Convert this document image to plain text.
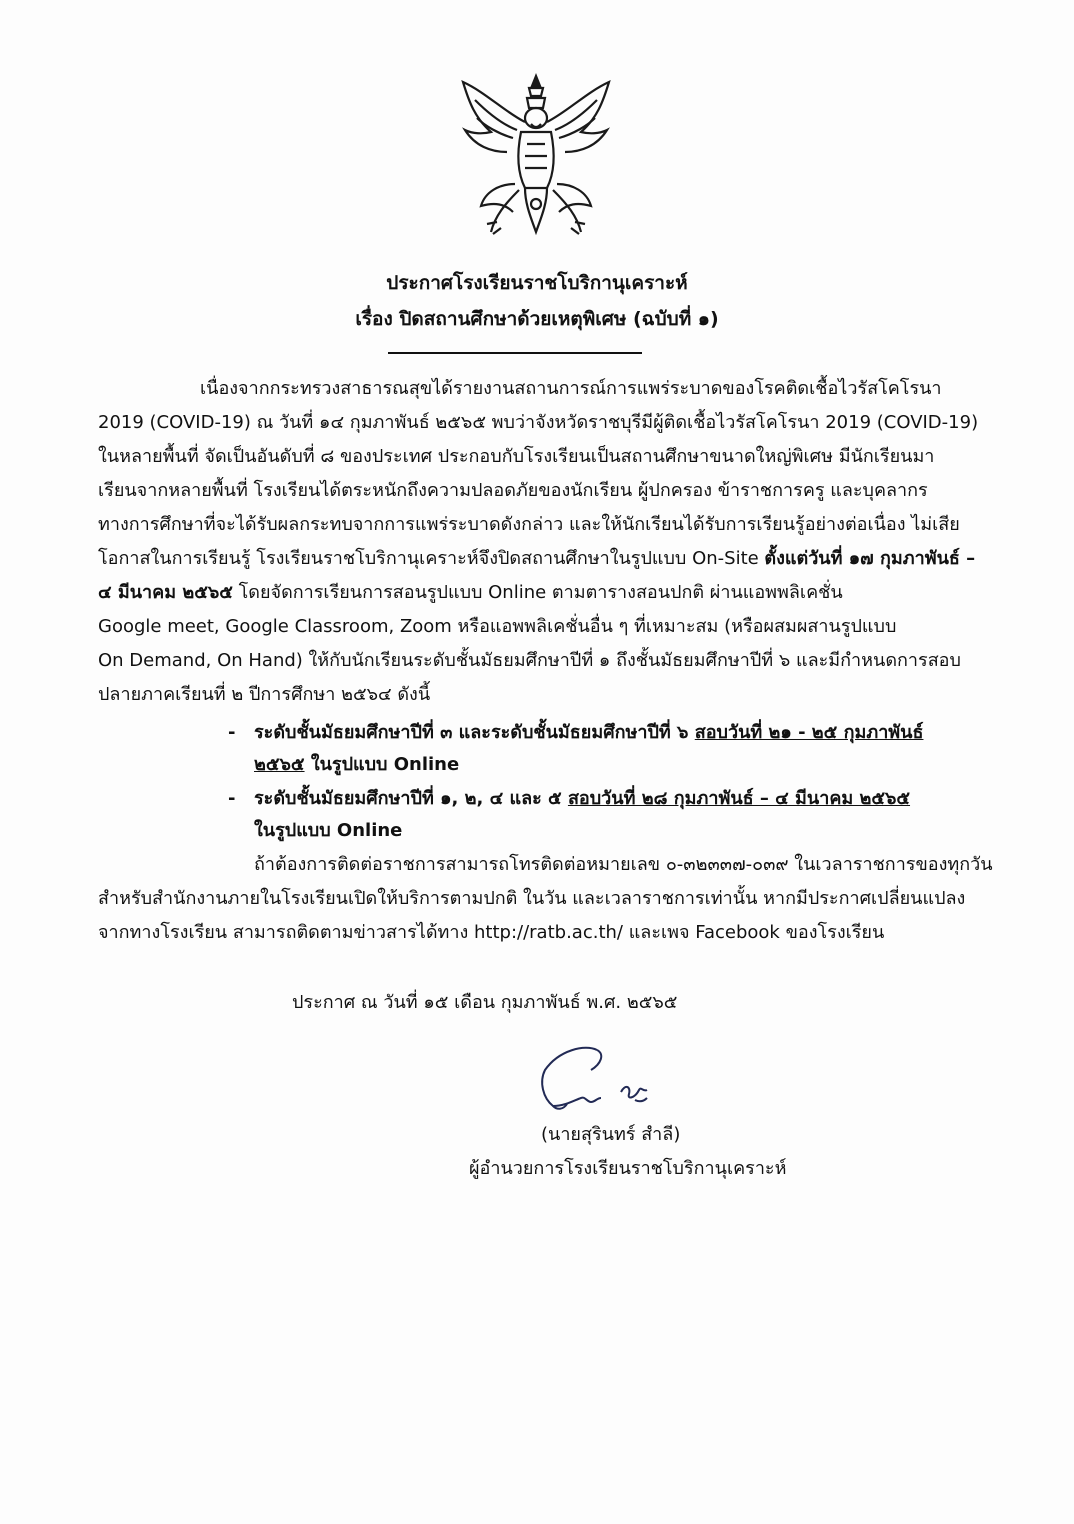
ประกาศโรงเรียนราชโบริกานุเคราะห์
เรื่อง ปิดสถานศึกษาด้วยเหตุพิเศษ (ฉบับที่ ๑)
เนื่องจากกระทรวงสาธารณสุขได้รายงานสถานการณ์การแพร่ระบาดของโรคติดเชื้อไวรัสโคโรนา
2019 (COVID-19) ณ วันที่ ๑๔ กุมภาพันธ์ ๒๕๖๕ พบว่าจังหวัดราชบุรีมีผู้ติดเชื้อไวรัสโคโรนา 2019 (COVID-19)
ในหลายพื้นที่ จัดเป็นอันดับที่ ๘ ของประเทศ ประกอบกับโรงเรียนเป็นสถานศึกษาขนาดใหญ่พิเศษ มีนักเรียนมา
เรียนจากหลายพื้นที่ โรงเรียนได้ตระหนักถึงความปลอดภัยของนักเรียน ผู้ปกครอง ข้าราชการครู และบุคลากร
ทางการศึกษาที่จะได้รับผลกระทบจากการแพร่ระบาดดังกล่าว และให้นักเรียนได้รับการเรียนรู้อย่างต่อเนื่อง ไม่เสีย
โอกาสในการเรียนรู้ โรงเรียนราชโบริกานุเคราะห์จึงปิดสถานศึกษาในรูปแบบ On-Site ตั้งแต่วันที่ ๑๗ กุมภาพันธ์ –
๔ มีนาคม ๒๕๖๕ โดยจัดการเรียนการสอนรูปแบบ Online ตามตารางสอนปกติ ผ่านแอพพลิเคชั่น
Google meet, Google Classroom, Zoom หรือแอพพลิเคชั่นอื่น ๆ ที่เหมาะสม (หรือผสมผสานรูปแบบ
On Demand, On Hand) ให้กับนักเรียนระดับชั้นมัธยมศึกษาปีที่ ๑ ถึงชั้นมัธยมศึกษาปีที่ ๖ และมีกำหนดการสอบ
ปลายภาคเรียนที่ ๒ ปีการศึกษา ๒๕๖๔ ดังนี้
- ระดับชั้นมัธยมศึกษาปีที่ ๓ และระดับชั้นมัธยมศึกษาปีที่ ๖ สอบวันที่ ๒๑ - ๒๕ กุมภาพันธ์
๒๕๖๕ ในรูปแบบ Online
- ระดับชั้นมัธยมศึกษาปีที่ ๑, ๒, ๔ และ ๕ สอบวันที่ ๒๘ กุมภาพันธ์ – ๔ มีนาคม ๒๕๖๕
ในรูปแบบ Online
ถ้าต้องการติดต่อราชการสามารถโทรติดต่อหมายเลข ๐-๓๒๓๓๗-๐๓๙ ในเวลาราชการของทุกวัน
สำหรับสำนักงานภายในโรงเรียนเปิดให้บริการตามปกติ ในวัน และเวลาราชการเท่านั้น หากมีประกาศเปลี่ยนแปลง
จากทางโรงเรียน สามารถติดตามข่าวสารได้ทาง http://ratb.ac.th/ และเพจ Facebook ของโรงเรียน
ประกาศ ณ วันที่ ๑๕ เดือน กุมภาพันธ์ พ.ศ. ๒๕๖๕
(นายสุรินทร์ สำลี)
ผู้อำนวยการโรงเรียนราชโบริกานุเคราะห์
